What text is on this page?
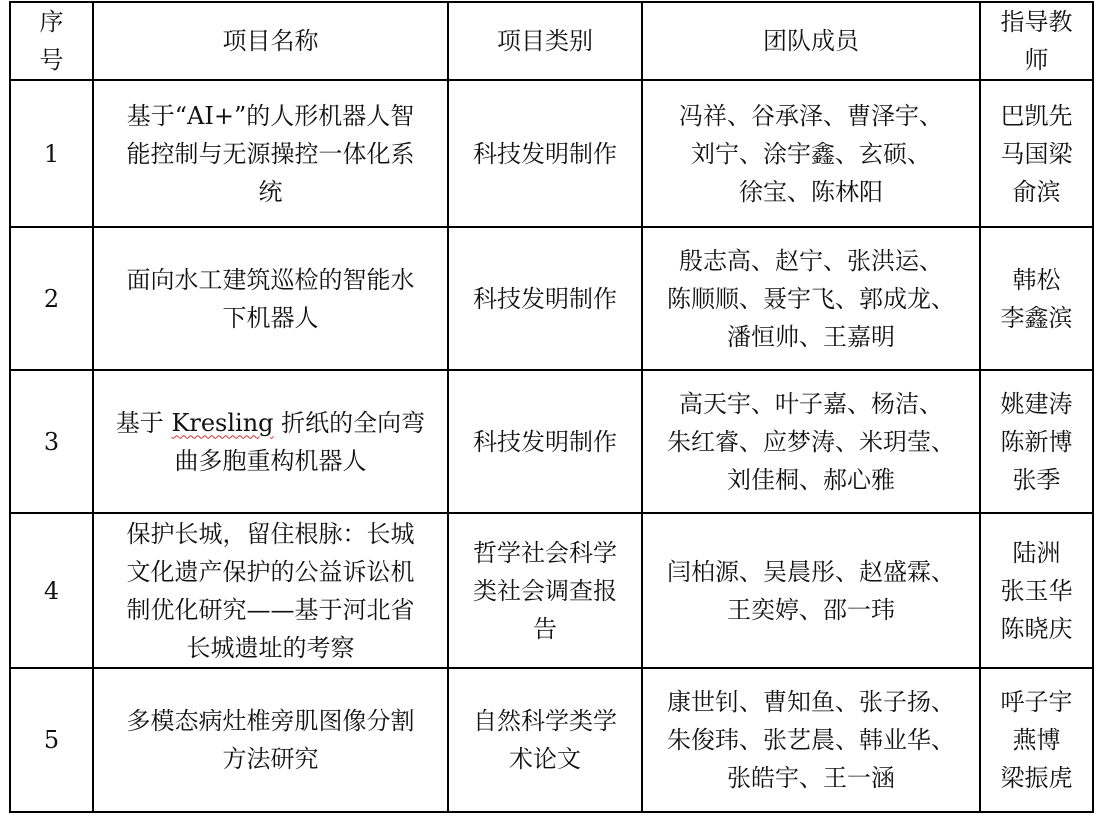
序
号	项目名称	项目类别	团队成员	指导教师
1	基于“AI+”的人形机器人智
能控制与无源操控一体化系
统	科技发明制作	冯祥、谷承泽、曹泽宇、
刘宁、涂宇鑫、玄硕、
徐宝、陈林阳	巴凯先
马国梁
俞滨

2	面向水工建筑巡检的智能水
下机器人	科技发明制作	殷志高、赵宁、张洪运、
陈顺顺、聂宇飞、郭成龙、
潘恒帅、王嘉明	韩松
李鑫滨

3	基于 Kresling 折纸的全向弯
曲多胞重构机器人	科技发明制作	高天宇、叶子嘉、杨洁、
朱红睿、应梦涛、米玥莹、
刘佳桐、郝心雅	姚建涛
陈新博
张季

4	保护长城，留住根脉：长城
文化遗产保护的公益诉讼机
制优化研究——基于河北省
长城遗址的考察	哲学社会科学
类社会调查报
告	闫柏源、吴晨彤、赵盛霖、
王奕婷、邵一玮	陆洲
张玉华
陈晓庆

5	多模态病灶椎旁肌图像分割
方法研究	自然科学类学
术论文	康世钊、曹知鱼、张子扬、
朱俊玮、张艺晨、韩业华、
张皓宇、王一涵	呼子宇
燕博
梁振虎
